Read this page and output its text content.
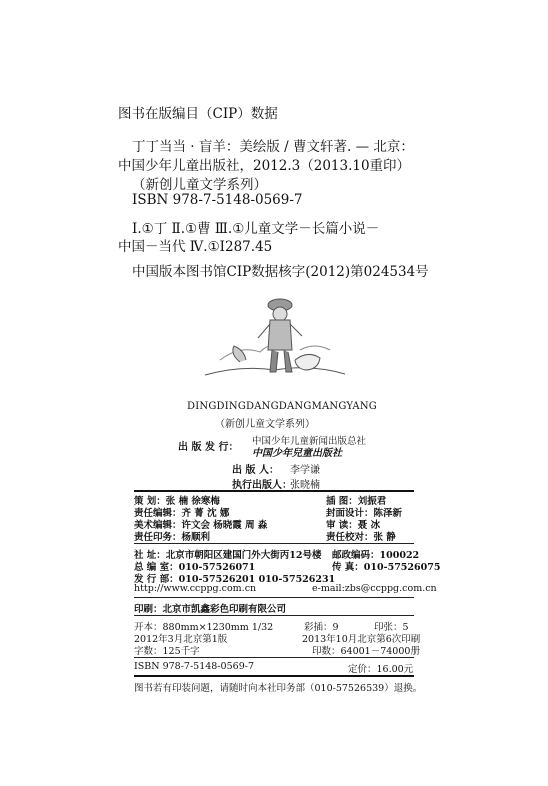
图书在版编目（CIP）数据
丁丁当当 · 盲羊：美绘版 / 曹文轩著. — 北京：
中国少年儿童出版社，2012.3（2013.10重印）
（新创儿童文学系列）
ISBN 978-7-5148-0569-7
Ⅰ.①丁 Ⅱ.①曹 Ⅲ.①儿童文学－长篇小说－
中国－当代 Ⅳ.①I287.45
中国版本图书馆CIP数据核字(2012)第024534号
DINGDINGDANGDANGMANGYANG
（新创儿童文学系列）
出 版 发 行：
中国少年儿童新闻出版总社
中国少年兒童出版社
出 版 人： 李学谦
执行出版人：
张晓楠
策 划：张 楠 徐寒梅	插 图：刘振君
责任编辑：齐 菁 沈 娜	封面设计：陈泽新
美术编辑：许文会 杨晓霞 周 淼	审 读：聂 冰
责任印务：杨顺利	责任校对：张 静
社 址：北京市朝阳区建国门外大街丙12号楼 邮政编码：100022
总 编 室：010-57526071	传 真：010-57526075
发 行 部：010-57526201 010-57526231
http://www.ccppg.com.cn	e-mail:zbs@ccppg.com.cn
印刷：北京市凯鑫彩色印刷有限公司
开本：880mm×1230mm 1/32	彩插：9	印张：5
2012年3月北京第1版	2013年10月北京第6次印刷
字数：125千字	印数：64001－74000册
ISBN 978-7-5148-0569-7	定价：16.00元
图书若有印装问题，请随时向本社印务部（010-57526539）退换。
